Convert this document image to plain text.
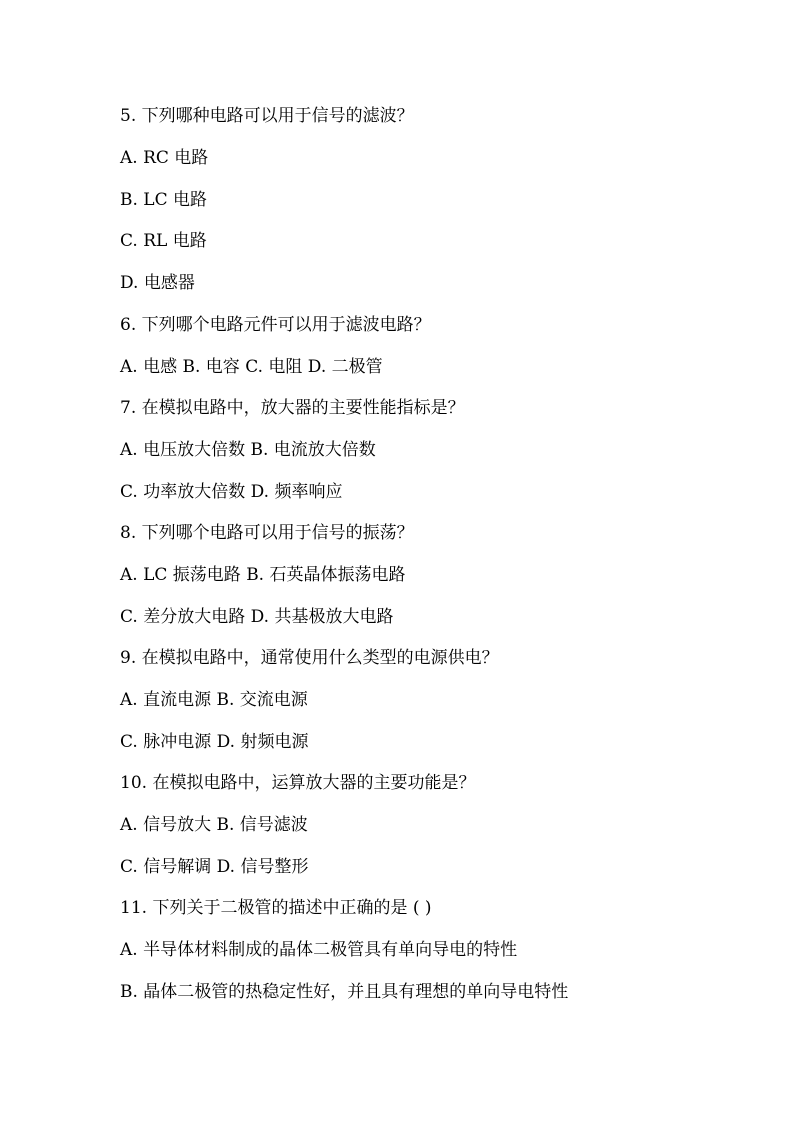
5. 下列哪种电路可以用于信号的滤波？
A. RC 电路
B. LC 电路
C. RL 电路
D. 电感器
6. 下列哪个电路元件可以用于滤波电路？
A. 电感 B. 电容 C. 电阻 D. 二极管
7. 在模拟电路中，放大器的主要性能指标是？
A. 电压放大倍数 B. 电流放大倍数
C. 功率放大倍数 D. 频率响应
8. 下列哪个电路可以用于信号的振荡？
A. LC 振荡电路 B. 石英晶体振荡电路
C. 差分放大电路 D. 共基极放大电路
9. 在模拟电路中，通常使用什么类型的电源供电？
A. 直流电源 B. 交流电源
C. 脉冲电源 D. 射频电源
10. 在模拟电路中，运算放大器的主要功能是？
A. 信号放大 B. 信号滤波
C. 信号解调 D. 信号整形
11. 下列关于二极管的描述中正确的是 ( )
A. 半导体材料制成的晶体二极管具有单向导电的特性
B. 晶体二极管的热稳定性好，并且具有理想的单向导电特性
